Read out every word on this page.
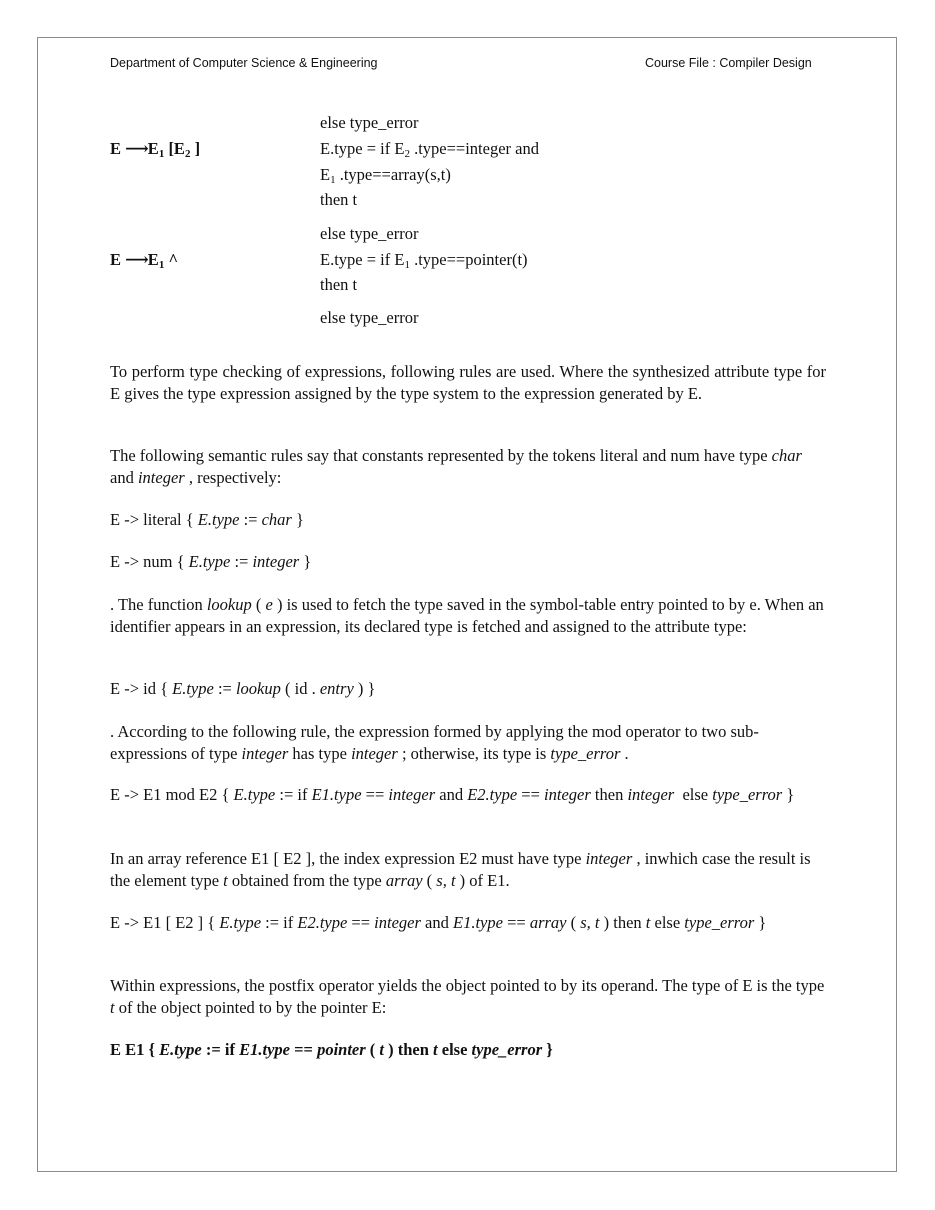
Department of Computer Science & Engineering	Course File : Compiler Design
else type_error
E $⟶E_1$ [$E_2$ ]	E.type = if $E_2$ .type==integer and
$E_1$ .type==array(s,t)
then t
else type_error
E $⟶E_1$ ^	E.type = if $E_1$ .type==pointer(t)
then t
else type_error
To perform type checking of expressions, following rules are used. Where the synthesized attribute type for E gives the type expression assigned by the type system to the expression generated by E.
The following semantic rules say that constants represented by the tokens literal and num have type char and integer , respectively:
E -> literal { E.type := char }
E -> num { E.type := integer }
. The function lookup ( e ) is used to fetch the type saved in the symbol-table entry pointed to by e. When an identifier appears in an expression, its declared type is fetched and assigned to the attribute type:
E -> id { E.type := lookup ( id . entry ) }
. According to the following rule, the expression formed by applying the mod operator to two sub-expressions of type integer has type integer ; otherwise, its type is type_error .
E -> E1 mod E2 { E.type := if E1.type == integer and E2.type == integer then integer  else type_error }
In an array reference E1 [ E2 ], the index expression E2 must have type integer , inwhich case the result is the element type t obtained from the type array ( s, t ) of E1.
E -> E1 [ E2 ] { E.type := if E2.type == integer and E1.type == array ( s, t ) then t else type_error }
Within expressions, the postfix operator yields the object pointed to by its operand. The type of E is the type t of the object pointed to by the pointer E:
E E1 { E.type := if E1.type == pointer ( t ) then t else type_error }
